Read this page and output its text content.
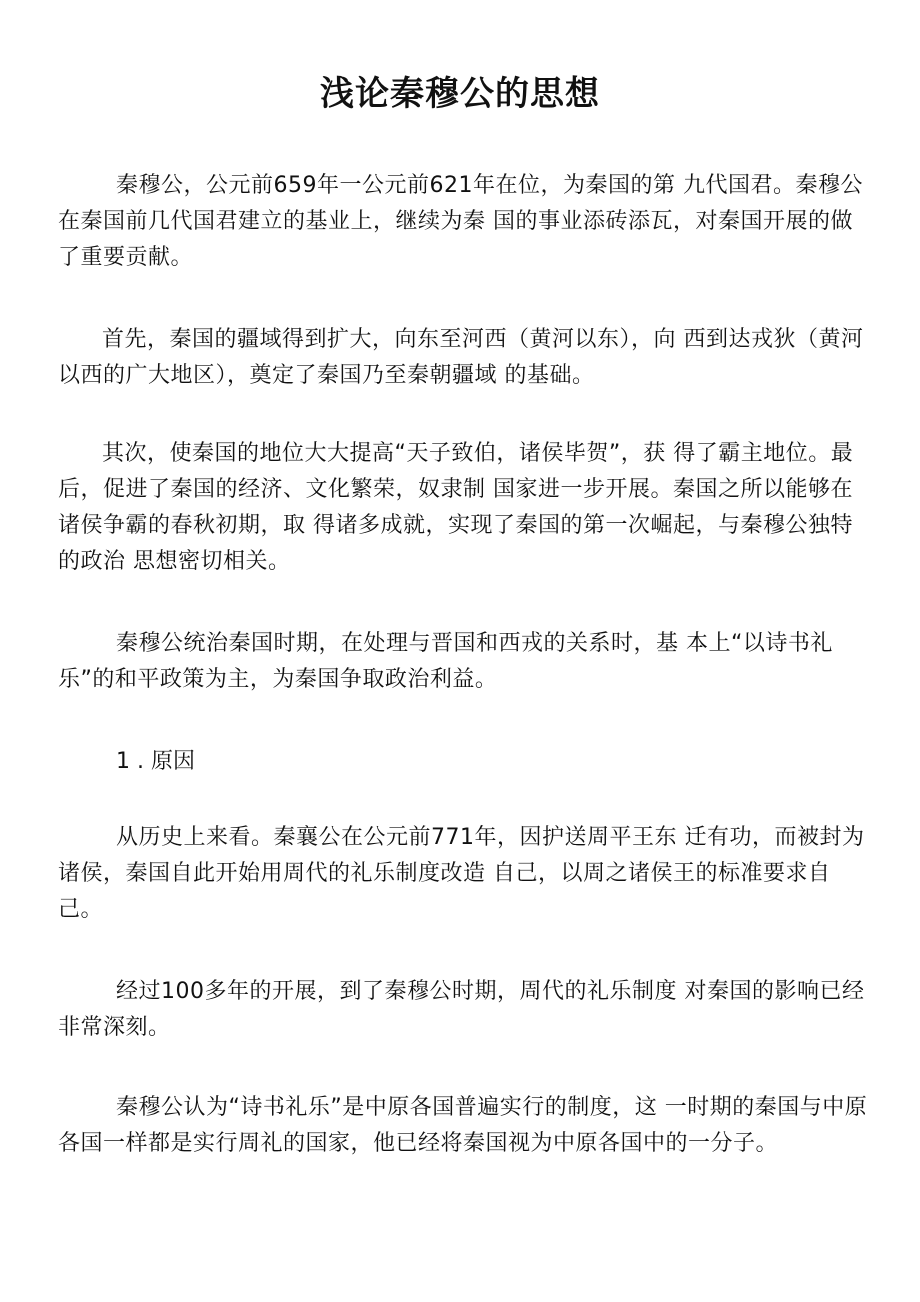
浅论秦穆公的思想

秦穆公，公元前659年一公元前621年在位，为秦国的第 九代国君。秦穆公在秦国前几代国君建立的基业上，继续为秦 国的事业添砖添瓦，对秦国开展的做了重要贡献。

首先，秦国的疆域得到扩大，向东至河西（黄河以东），向 西到达戎狄（黄河以西的广大地区），奠定了秦国乃至秦朝疆域 的基础。

其次，使秦国的地位大大提高“天子致伯，诸侯毕贺”，获 得了霸主地位。最后，促进了秦国的经济、文化繁荣，奴隶制 国家进一步开展。秦国之所以能够在诸侯争霸的春秋初期，取 得诸多成就，实现了秦国的第一次崛起，与秦穆公独特的政治 思想密切相关。

秦穆公统治秦国时期，在处理与晋国和西戎的关系时，基 本上“以诗书礼乐”的和平政策为主，为秦国争取政治利益。

1 . 原因

从历史上来看。秦襄公在公元前771年，因护送周平王东 迁有功，而被封为诸侯，秦国自此开始用周代的礼乐制度改造 自己，以周之诸侯王的标准要求自己。

经过100多年的开展，到了秦穆公时期，周代的礼乐制度 对秦国的影响已经非常深刻。

秦穆公认为“诗书礼乐”是中原各国普遍实行的制度，这 一时期的秦国与中原各国一样都是实行周礼的国家，他已经将秦国视为中原各国中的一分子。
